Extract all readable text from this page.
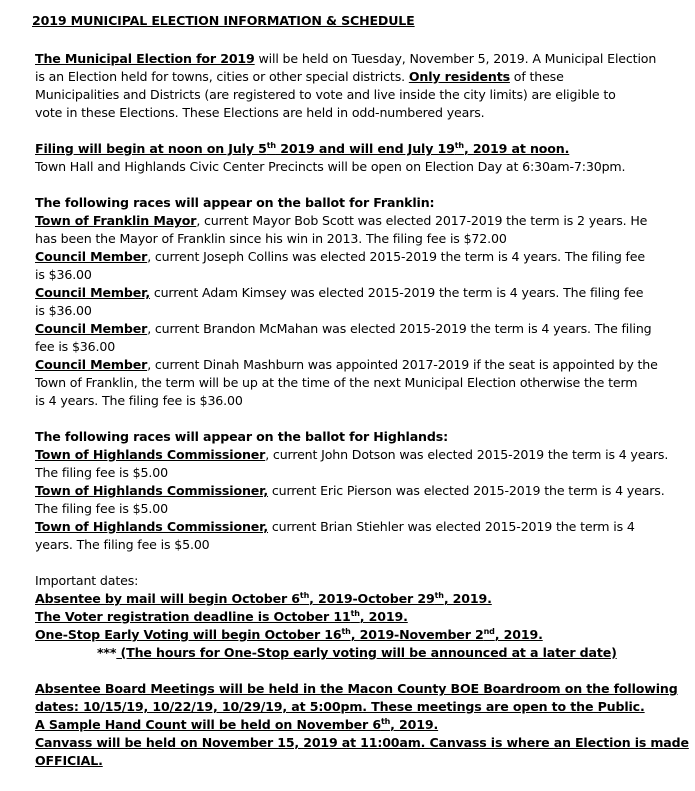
2019 MUNICIPAL ELECTION INFORMATION & SCHEDULE
The Municipal Election for 2019 will be held on Tuesday, November 5, 2019. A Municipal Election
is an Election held for towns, cities or other special districts. Only residents of these
Municipalities and Districts (are registered to vote and live inside the city limits) are eligible to
vote in these Elections. These Elections are held in odd-numbered years.
Filing will begin at noon on July 5th 2019 and will end July 19th, 2019 at noon.
Town Hall and Highlands Civic Center Precincts will be open on Election Day at 6:30am-7:30pm.
The following races will appear on the ballot for Franklin:
Town of Franklin Mayor, current Mayor Bob Scott was elected 2017-2019 the term is 2 years. He
has been the Mayor of Franklin since his win in 2013. The filing fee is $72.00
Council Member, current Joseph Collins was elected 2015-2019 the term is 4 years. The filing fee
is $36.00
Council Member, current Adam Kimsey was elected 2015-2019 the term is 4 years. The filing fee
is $36.00
Council Member, current Brandon McMahan was elected 2015-2019 the term is 4 years. The filing
fee is $36.00
Council Member, current Dinah Mashburn was appointed 2017-2019 if the seat is appointed by the
Town of Franklin, the term will be up at the time of the next Municipal Election otherwise the term
is 4 years. The filing fee is $36.00
The following races will appear on the ballot for Highlands:
Town of Highlands Commissioner, current John Dotson was elected 2015-2019 the term is 4 years.
The filing fee is $5.00
Town of Highlands Commissioner, current Eric Pierson was elected 2015-2019 the term is 4 years.
The filing fee is $5.00
Town of Highlands Commissioner, current Brian Stiehler was elected 2015-2019 the term is 4
years. The filing fee is $5.00
Important dates:
Absentee by mail will begin October 6th, 2019-October 29th, 2019.
The Voter registration deadline is October 11th, 2019.
One-Stop Early Voting will begin October 16th, 2019-November 2nd, 2019.
*** (The hours for One-Stop early voting will be announced at a later date)
Absentee Board Meetings will be held in the Macon County BOE Boardroom on the following
dates: 10/15/19, 10/22/19, 10/29/19, at 5:00pm. These meetings are open to the Public.
A Sample Hand Count will be held on November 6th, 2019.
Canvass will be held on November 15, 2019 at 11:00am. Canvass is where an Election is made
OFFICIAL.
